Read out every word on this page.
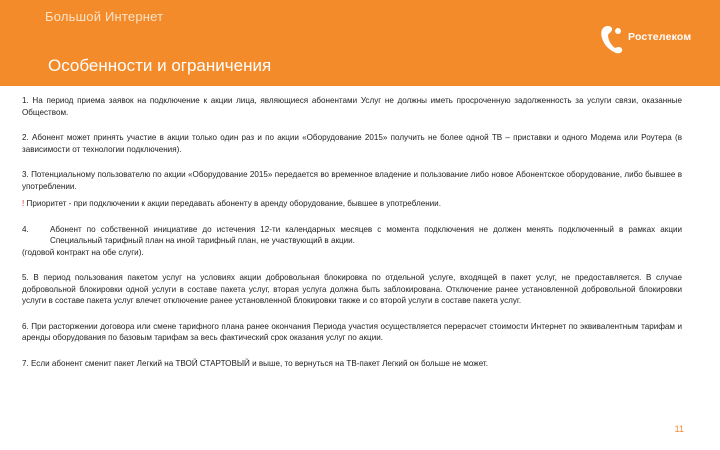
Большой Интернет
Особенности и ограничения
Ростелеком

1. На период приема заявок на подключение к акции лица, являющиеся абонентами Услуг не должны иметь просроченную задолженность за услуги связи, оказанные Обществом.

2. Абонент может принять участие в акции только один раз и по акции «Оборудование 2015» получить не более одной ТВ – приставки и одного Модема или Роутера (в зависимости от технологии подключения).

3. Потенциальному пользователю по акции «Оборудование 2015» передается во временное владение и пользование либо новое Абонентское оборудование, либо бывшее в употреблении.

! Приоритет - при подключении к акции передавать абоненту в аренду оборудование, бывшее в употреблении.

4.	Абонент по собственной инициативе до истечения 12-ти календарных месяцев с момента подключения не должен менять подключенный в рамках акции Специальный тарифный план на иной тарифный план, не участвующий в акции.

(годовой контракт на обе слуги).

5. В период пользования пакетом услуг на условиях акции добровольная блокировка по отдельной услуге, входящей в пакет услуг, не предоставляется. В случае добровольной блокировки одной услуги в составе пакета услуг, вторая услуга должна быть заблокирована. Отключение ранее установленной добровольной блокировки услуги в составе пакета услуг влечет отключение ранее установленной блокировки также и со второй услуги в составе пакета услуг.

6. При расторжении договора или смене тарифного плана ранее окончания Периода участия осуществляется перерасчет стоимости Интернет по эквивалентным тарифам и аренды оборудования по базовым тарифам за весь фактический срок оказания услуг по акции.

7. Если абонент сменит пакет Легкий на ТВОЙ СТАРТОВЫЙ и выше, то вернуться на ТВ-пакет Легкий он больше не может.

11
